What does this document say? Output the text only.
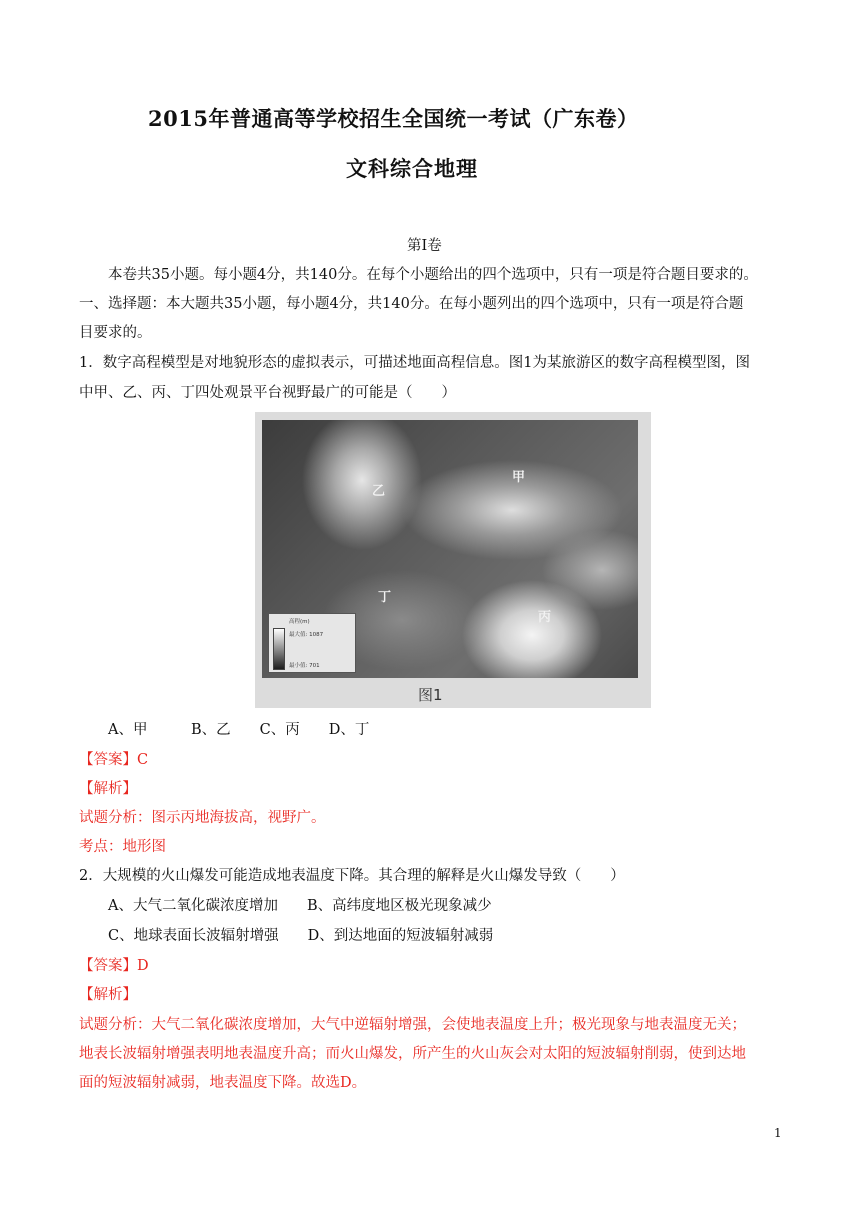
2015年普通高等学校招生全国统一考试（广东卷）
文科综合地理
第Ⅰ卷
本卷共35小题。每小题4分，共140分。在每个小题给出的四个选项中，只有一项是符合题目要求的。
一、选择题：本大题共35小题，每小题4分，共140分。在每小题列出的四个选项中，只有一项是符合题
目要求的。
1．数字高程模型是对地貌形态的虚拟表示，可描述地面高程信息。图1为某旅游区的数字高程模型图，图
中甲、乙、丙、丁四处观景平台视野最广的可能是（　　）
乙
甲
丁
丙
高程(m)
最大值: 1087
最小值: 701
图1
A、甲　　　B、乙　　C、丙　　D、丁
【答案】C
【解析】
试题分析：图示丙地海拔高，视野广。
考点：地形图
2．大规模的火山爆发可能造成地表温度下降。其合理的解释是火山爆发导致（　　）
A、大气二氧化碳浓度增加　　B、高纬度地区极光现象减少
C、地球表面长波辐射增强　　D、到达地面的短波辐射减弱
【答案】D
【解析】
试题分析：大气二氧化碳浓度增加，大气中逆辐射增强，会使地表温度上升；极光现象与地表温度无关；
地表长波辐射增强表明地表温度升高；而火山爆发，所产生的火山灰会对太阳的短波辐射削弱，使到达地
面的短波辐射减弱，地表温度下降。故选D。
1
